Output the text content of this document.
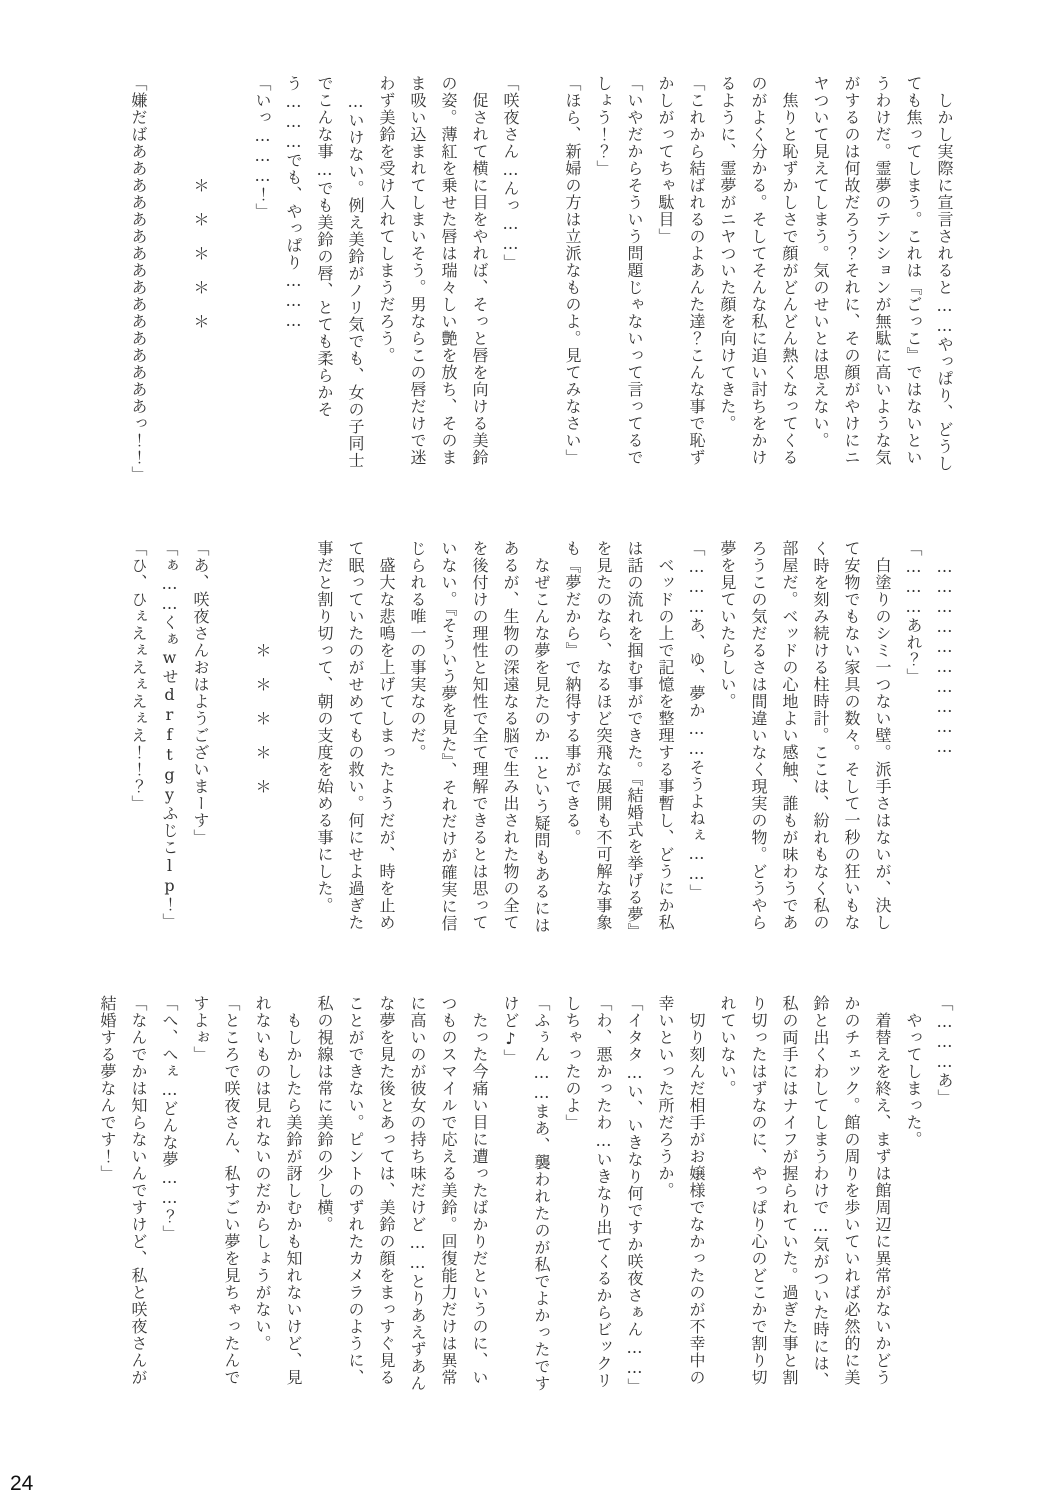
　しかし実際に宣言されると……やっぱり、どうしても焦ってしまう。これは『ごっこ』ではないというわけだ。霊夢のテンションが無駄に高いような気がするのは何故だろう？それに、その顔がやけにニヤついて見えてしまう。気のせいとは思えない。

　焦りと恥ずかしさで顔がどんどん熱くなってくるのがよく分かる。そしてそんな私に追い討ちをかけるように、霊夢がニヤついた顔を向けてきた。

「これから結ばれるのよあんた達？こんな事で恥ずかしがってちゃ駄目」

「いやだからそういう問題じゃないって言ってるでしょう！？」

「ほら、新婦の方は立派なものよ。見てみなさい」

「咲夜さん…んっ……」

　促されて横に目をやれば、そっと唇を向ける美鈴の姿。薄紅を乗せた唇は瑞々しい艶を放ち、そのまま吸い込まれてしまいそう。男ならこの唇だけで迷わず美鈴を受け入れてしまうだろう。

　…いけない。例え美鈴がノリ気でも、女の子同士でこんな事…でも美鈴の唇、とても柔らかそう………でも、やっぱり………

「いっ………！」

　　　　　　＊　＊　＊　＊　＊

「嫌だばああああああああああああああああっ！！」

　…………………………

「………あれ？」

　白塗りのシミ一つない壁。派手さはないが、決して安物でもない家具の数々。そして一秒の狂いもなく時を刻み続ける柱時計。ここは、紛れもなく私の部屋だ。ベッドの心地よい感触、誰もが味わうであろうこの気だるさは間違いなく現実の物。どうやら夢を見ていたらしい。

「………あ、ゆ、夢か……そうよねぇ……」

　ベッドの上で記憶を整理する事暫し、どうにか私は話の流れを掴む事ができた。『結婚式を挙げる夢』を見たのなら、なるほど突飛な展開も不可解な事象も『夢だから』で納得する事ができる。

　なぜこんな夢を見たのか…という疑問もあるにはあるが、生物の深遠なる脳で生み出された物の全てを後付けの理性と知性で全て理解できるとは思っていない。『そういう夢を見た』、それだけが確実に信じられる唯一の事実なのだ。

　盛大な悲鳴を上げてしまったようだが、時を止めて眠っていたのがせめてもの救い。何にせよ過ぎた事だと割り切って、朝の支度を始める事にした。

　　　　　　＊　＊　＊　＊　＊

「あ、咲夜さんおはようございまーす」

「ぁ……くぁwせdrftgyふじこlp！」

「ひ、ひぇえぇえぇえぇえ！！？」

「………あ」

　やってしまった。

　着替えを終え、まずは館周辺に異常がないかどうかのチェック。館の周りを歩いていれば必然的に美鈴と出くわしてしまうわけで…気がついた時には、私の両手にはナイフが握られていた。過ぎた事と割り切ったはずなのに、やっぱり心のどこかで割り切れていない。

　切り刻んだ相手がお嬢様でなかったのが不幸中の幸いといった所だろうか。

「イタタ…い、いきなり何ですか咲夜さぁん……」

「わ、悪かったわ…いきなり出てくるからビックリしちゃったのよ」

「ふぅん……まあ、襲われたのが私でよかったですけど♪」

　たった今痛い目に遭ったばかりだというのに、いつものスマイルで応える美鈴。回復能力だけは異常に高いのが彼女の持ち味だけど……とりあえずあんな夢を見た後とあっては、美鈴の顔をまっすぐ見ることができない。ピントのずれたカメラのように、私の視線は常に美鈴の少し横。

　もしかしたら美鈴が訝しむかも知れないけど、見れないものは見れないのだからしょうがない。

「ところで咲夜さん、私すごい夢を見ちゃったんですよぉ」

「へ、へぇ…どんな夢……？」

「なんでかは知らないんですけど、私と咲夜さんが結婚する夢なんです！」

24
